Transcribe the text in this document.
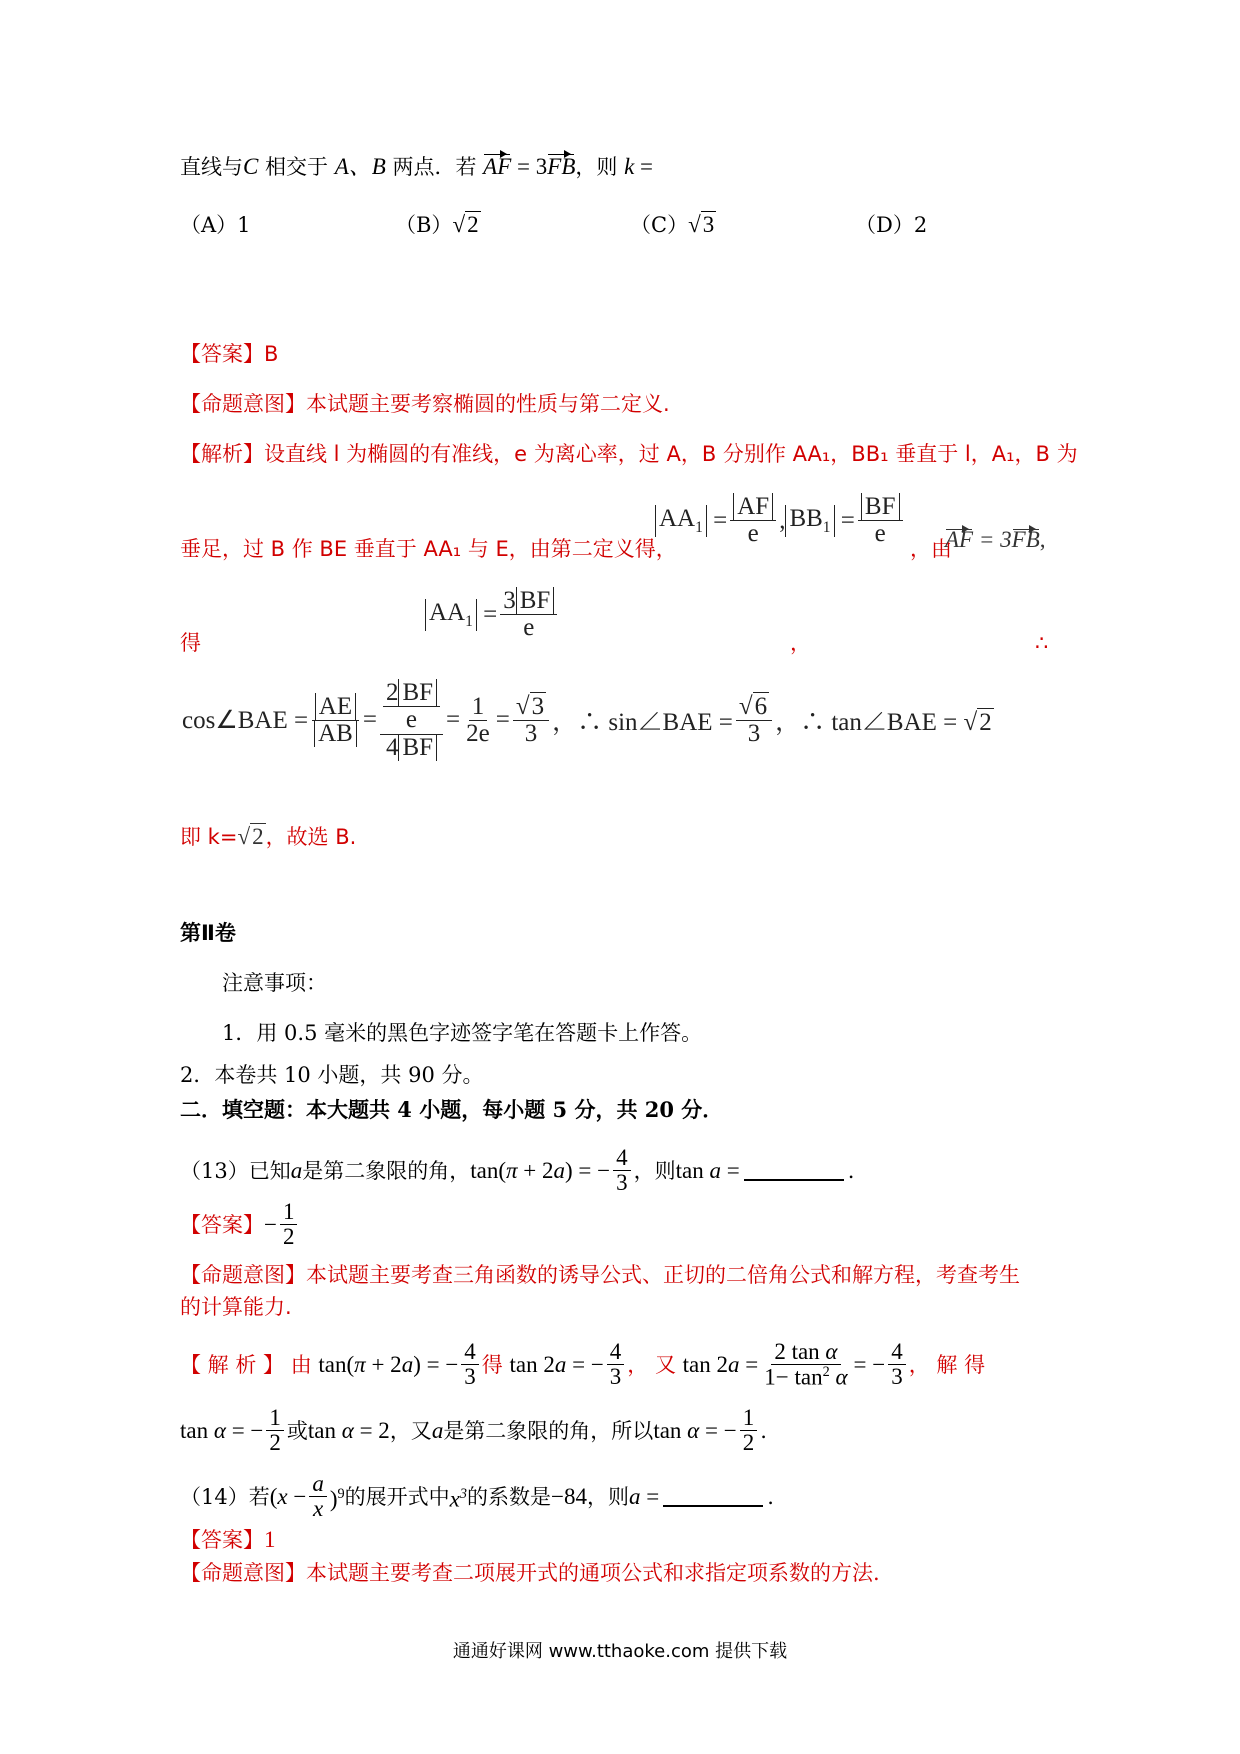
直线与C 相交于 A、B 两点．若 AF = 3FB，则 k =
（A）1	（B）√2	（C）√3	（D）2
【答案】B
【命题意图】本试题主要考察椭圆的性质与第二定义.
【解析】设直线 l 为椭圆的有准线，e 为离心率，过 A，B 分别作 AA₁，BB₁ 垂直于 l，A₁，B 为
垂足，过 B 作 BE 垂直于 AA₁ 与 E，由第二定义得，
$AA_1 = \frac{AF}{e}$ , $BB_1 = \frac{BF}{e}$
，由
AF = 3FB,
得
$AA_1 = \frac{3 BF}{e}$
，	∴
cos∠BAE = $\frac{AE}{AB} = \frac{\frac{2 BF}{e}}{4 BF} = \frac{1}{2e} = \frac{√3}{3}$ ，∴ sin∠BAE = $\frac{√6}{3}$ ，∴ tan∠BAE = √2
即 k=√2，故选 B.
第Ⅱ卷
注意事项：
1．用 0.5 毫米的黑色字迹签字笔在答题卡上作答。
2．本卷共 10 小题，共 90 分。
二．填空题：本大题共 4 小题，每小题 5 分，共 20 分．
（13）已知 a 是第二象限的角， tan(π + 2a) = − $\frac{4}{3}$ ，则 tan a =	.
【答案】 − $\frac{1}{2}$
【命题意图】本试题主要考查三角函数的诱导公式、正切的二倍角公式和解方程，考查考生
的计算能力.
【 解 析 】
由
tan(π + 2a) = − $\frac{4}{3}$ 得
tan 2a = − $\frac{4}{3}$ ， 又
$\tan 2a = \frac{\text{2 tan α}}{1- \tan^2 \alpha}$ = − $\frac{4}{3}$ ， 解 得
tan α = − $\frac{1}{2}$ 或 tan α = 2 ，又 a 是第二象限的角，所以 tan α = − $\frac{1}{2}$ .
（14）若 $(x - \frac{a}{x} )^9$ 的展开式中 $x^3$ 的系数是 −84 ，则 a =	.
【答案】1
【命题意图】本试题主要考查二项展开式的通项公式和求指定项系数的方法.
通通好课网 www.tthaoke.com 提供下载
